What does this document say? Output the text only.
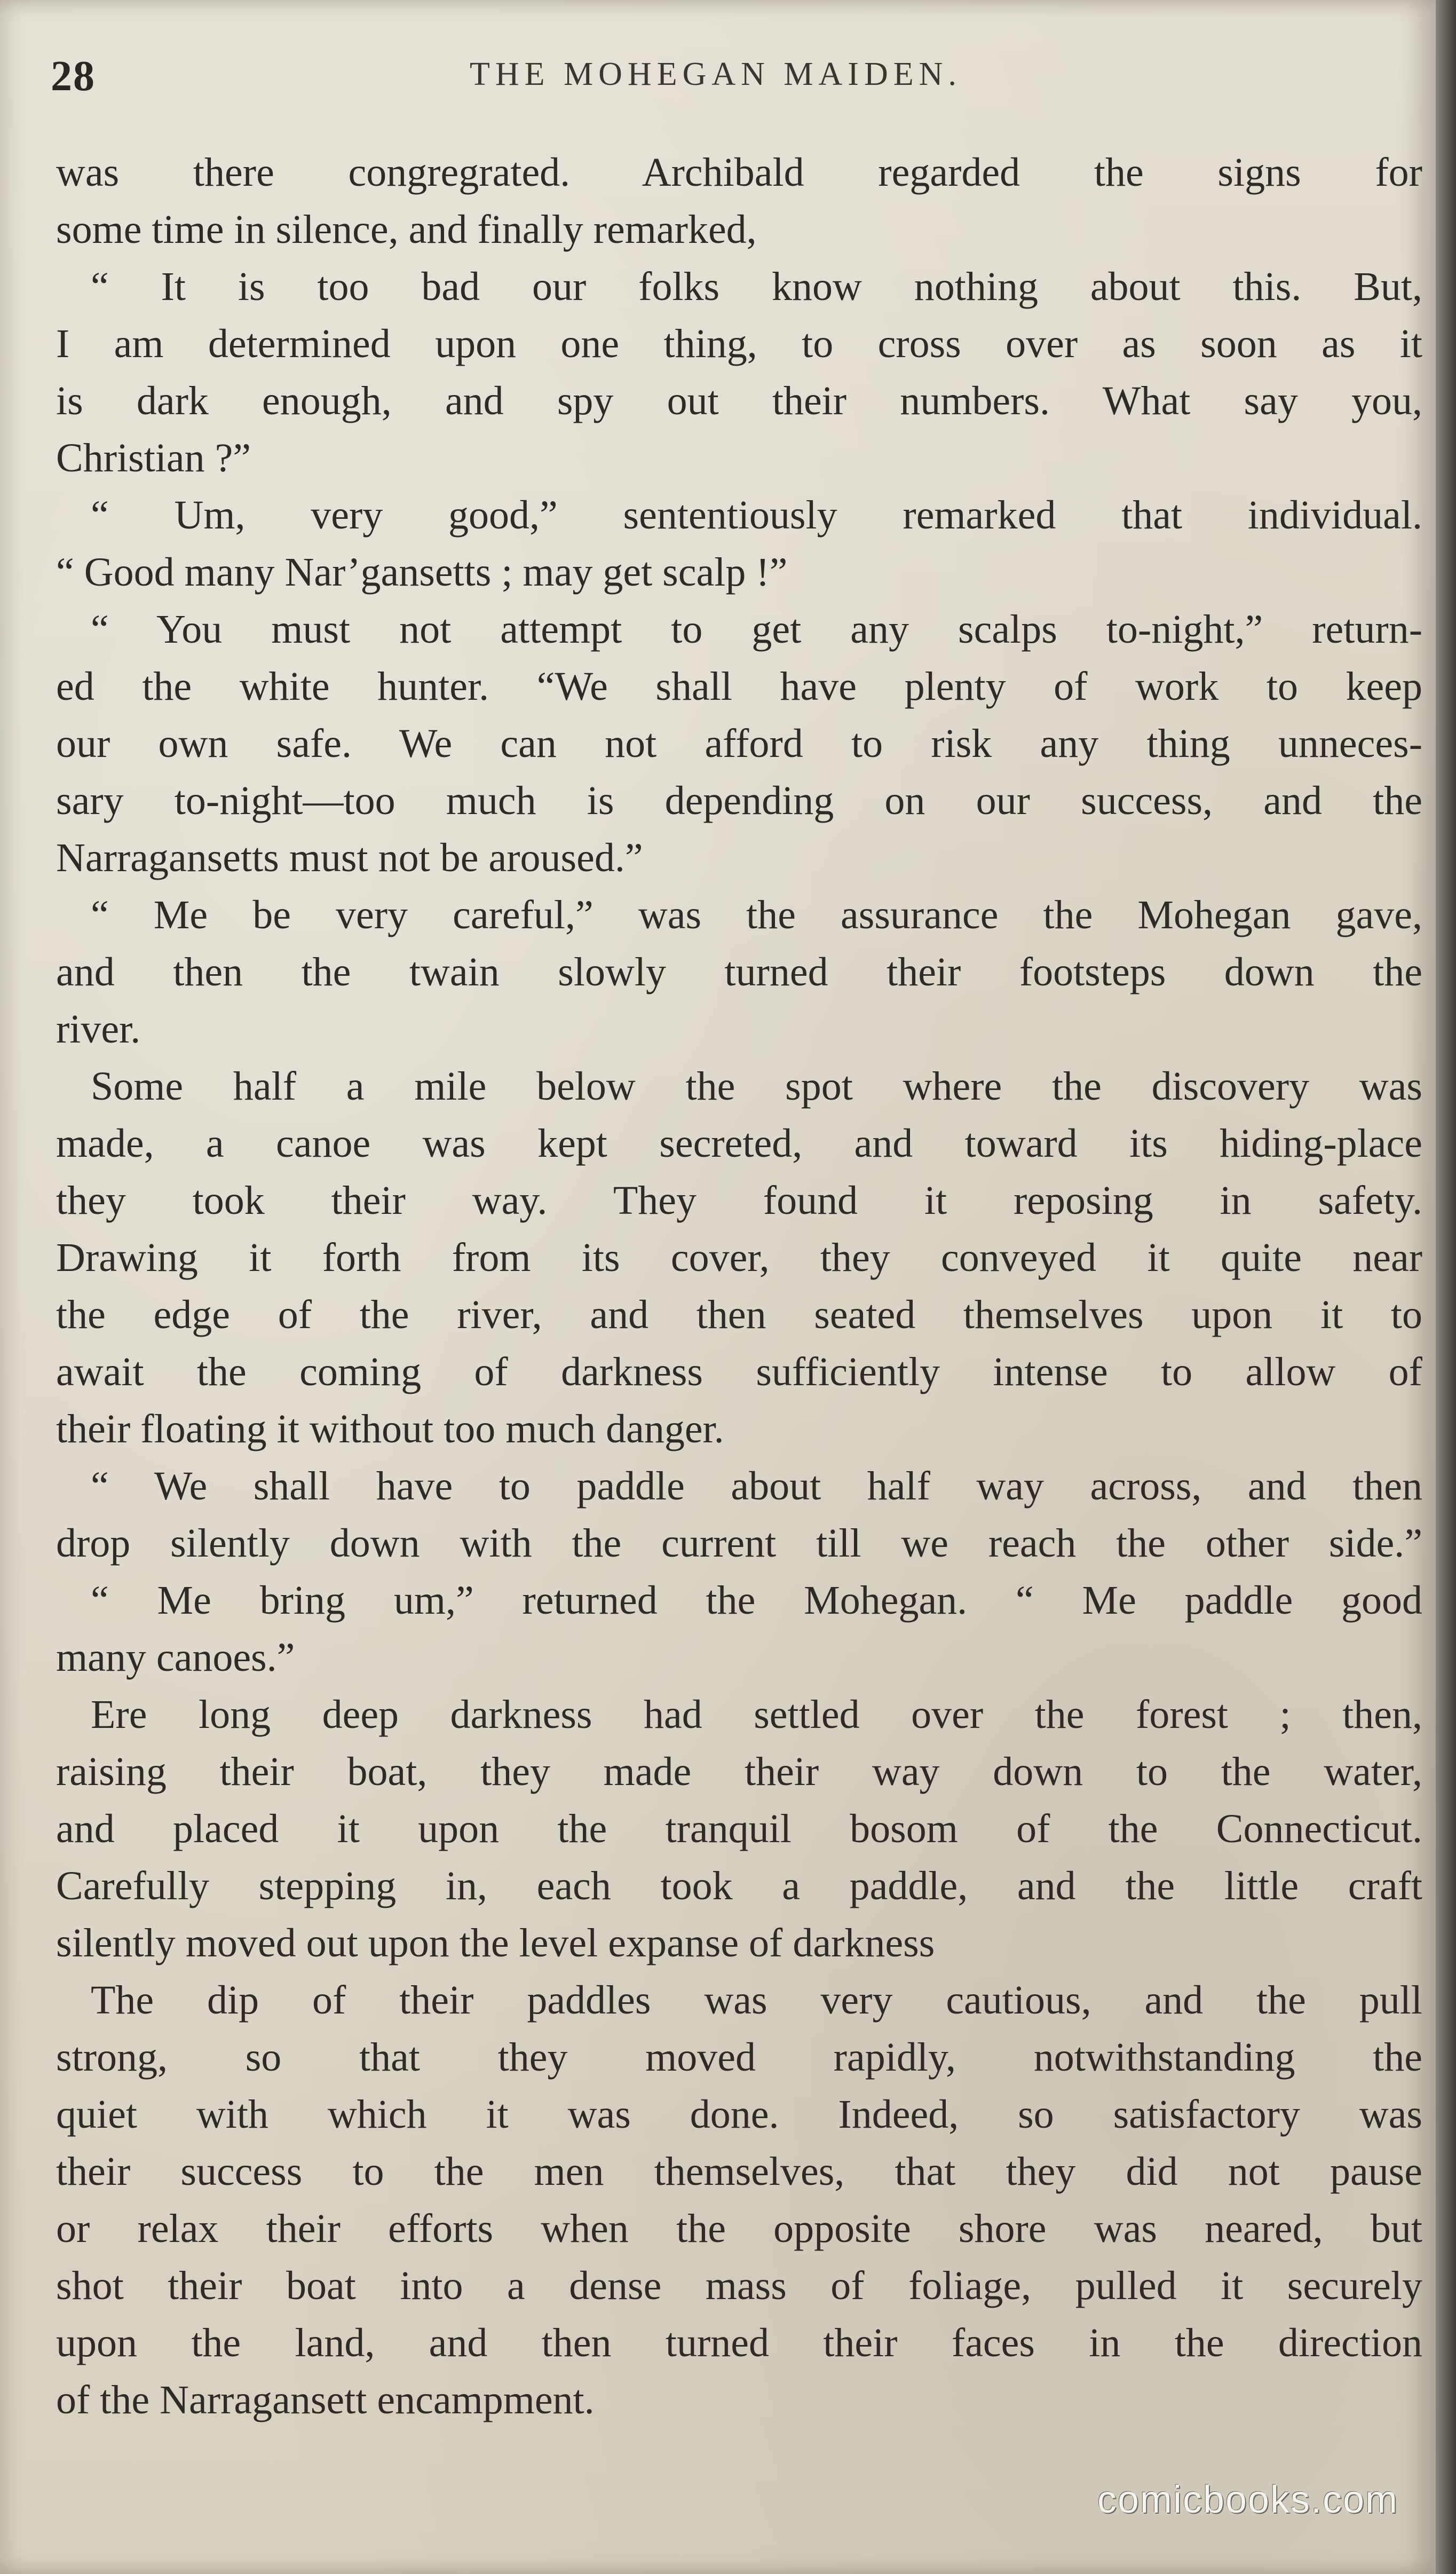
28	THE MOHEGAN MAIDEN.
was there congregrated. Archibald regarded the signs for
some time in silence, and finally remarked,
“ It is too bad our folks know nothing about this. But,
I am determined upon one thing, to cross over as soon as it
is dark enough, and spy out their numbers. What say you,
Christian ?”
“ Um, very good,” sententiously remarked that individual.
“ Good many Nar’gansetts ; may get scalp !”
“ You must not attempt to get any scalps to-night,” return-
ed the white hunter. “We shall have plenty of work to keep
our own safe. We can not afford to risk any thing unneces-
sary to-night—too much is depending on our success, and the
Narragansetts must not be aroused.”
“ Me be very careful,” was the assurance the Mohegan gave,
and then the twain slowly turned their footsteps down the
river.
Some half a mile below the spot where the discovery was
made, a canoe was kept secreted, and toward its hiding-place
they took their way. They found it reposing in safety.
Drawing it forth from its cover, they conveyed it quite near
the edge of the river, and then seated themselves upon it to
await the coming of darkness sufficiently intense to allow of
their floating it without too much danger.
“ We shall have to paddle about half way across, and then
drop silently down with the current till we reach the other side.”
“ Me bring um,” returned the Mohegan. “ Me paddle good
many canoes.”
Ere long deep darkness had settled over the forest ; then,
raising their boat, they made their way down to the water,
and placed it upon the tranquil bosom of the Connecticut.
Carefully stepping in, each took a paddle, and the little craft
silently moved out upon the level expanse of darkness
The dip of their paddles was very cautious, and the pull
strong, so that they moved rapidly, notwithstanding the
quiet with which it was done. Indeed, so satisfactory was
their success to the men themselves, that they did not pause
or relax their efforts when the opposite shore was neared, but
shot their boat into a dense mass of foliage, pulled it securely
upon the land, and then turned their faces in the direction
of the Narragansett encampment.
comicbooks.com
